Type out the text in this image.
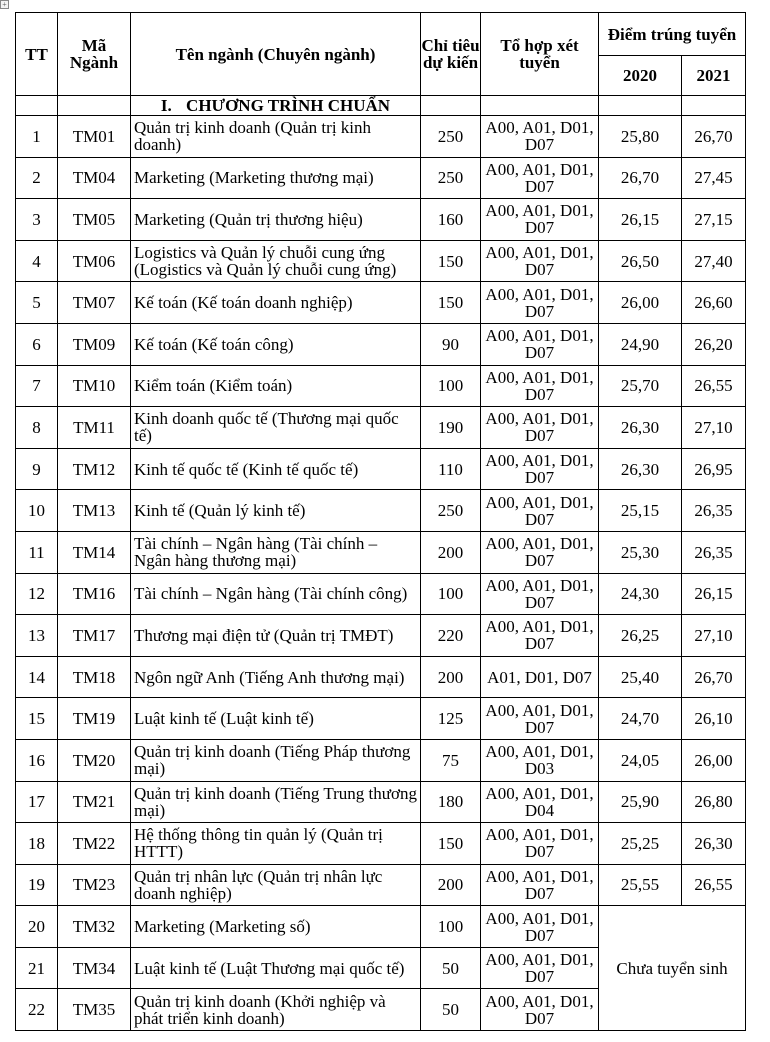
+
TT	Mã Ngành	Tên ngành (Chuyên ngành)	Chỉ tiêu dự kiến	Tổ hợp xét tuyển	Điểm trúng tuyển	
					2020	2021
		I. CHƯƠNG TRÌNH CHUẨN				
1	TM01	Quản trị kinh doanh (Quản trị kinh doanh)	250	A00, A01, D01, D07	25,80	26,70
2	TM04	Marketing (Marketing thương mại)	250	A00, A01, D01, D07	26,70	27,45
3	TM05	Marketing (Quản trị thương hiệu)	160	A00, A01, D01, D07	26,15	27,15
4	TM06	Logistics và Quản lý chuỗi cung ứng (Logistics và Quản lý chuỗi cung ứng)	150	A00, A01, D01, D07	26,50	27,40
5	TM07	Kế toán (Kế toán doanh nghiệp)	150	A00, A01, D01, D07	26,00	26,60
6	TM09	Kế toán (Kế toán công)	90	A00, A01, D01, D07	24,90	26,20
7	TM10	Kiểm toán (Kiểm toán)	100	A00, A01, D01, D07	25,70	26,55
8	TM11	Kinh doanh quốc tế (Thương mại quốc tế)	190	A00, A01, D01, D07	26,30	27,10
9	TM12	Kinh tế quốc tế (Kinh tế quốc tế)	110	A00, A01, D01, D07	26,30	26,95
10	TM13	Kinh tế (Quản lý kinh tế)	250	A00, A01, D01, D07	25,15	26,35
11	TM14	Tài chính – Ngân hàng (Tài chính – Ngân hàng thương mại)	200	A00, A01, D01, D07	25,30	26,35
12	TM16	Tài chính – Ngân hàng (Tài chính công)	100	A00, A01, D01, D07	24,30	26,15
13	TM17	Thương mại điện tử (Quản trị TMĐT)	220	A00, A01, D01, D07	26,25	27,10
14	TM18	Ngôn ngữ Anh (Tiếng Anh thương mại)	200	A01, D01, D07	25,40	26,70
15	TM19	Luật kinh tế (Luật kinh tế)	125	A00, A01, D01, D07	24,70	26,10
16	TM20	Quản trị kinh doanh (Tiếng Pháp thương mại)	75	A00, A01, D01, D03	24,05	26,00
17	TM21	Quản trị kinh doanh (Tiếng Trung thương mại)	180	A00, A01, D01, D04	25,90	26,80
18	TM22	Hệ thống thông tin quản lý (Quản trị HTTT)	150	A00, A01, D01, D07	25,25	26,30
19	TM23	Quản trị nhân lực (Quản trị nhân lực doanh nghiệp)	200	A00, A01, D01, D07	25,55	26,55
20	TM32	Marketing (Marketing số)	100	A00, A01, D01, D07	Chưa tuyển sinh	
21	TM34	Luật kinh tế (Luật Thương mại quốc tế)	50	A00, A01, D01, D07		
22	TM35	Quản trị kinh doanh (Khởi nghiệp và phát triển kinh doanh)	50	A00, A01, D01, D07		
